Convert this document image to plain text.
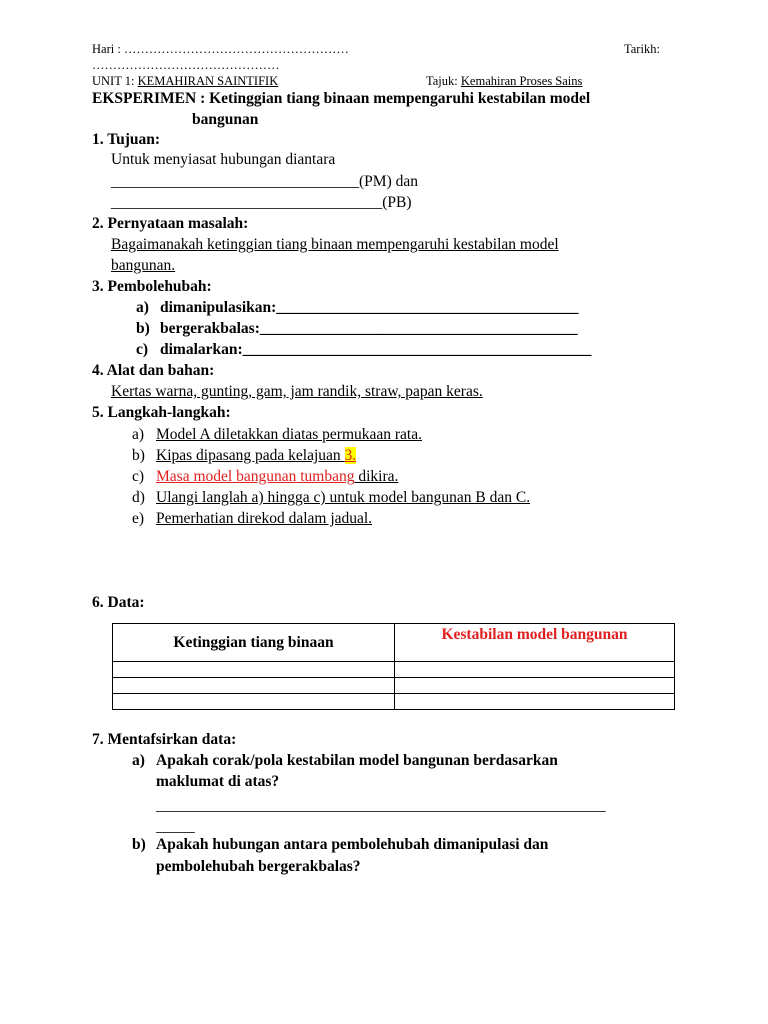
Hari : ………………………………………………	Tarikh:
………………………………………
UNIT 1: KEMAHIRAN SAINTIFIK	Tajuk: Kemahiran Proses Sains
EKSPERIMEN : Ketinggian tiang binaan mempengaruhi kestabilan model
bangunan
1. Tujuan:
Untuk menyiasat hubungan diantara
________________________________(PM) dan
___________________________________(PB)
2. Pernyataan masalah:
Bagaimanakah ketinggian tiang binaan mempengaruhi kestabilan model
bangunan.
3. Pembolehubah:
a) dimanipulasikan:_______________________________________
b) bergerakbalas:_________________________________________
c) dimalarkan:_____________________________________________
4. Alat dan bahan:
Kertas warna, gunting, gam, jam randik, straw, papan keras.
5. Langkah-langkah:
a) Model A diletakkan diatas permukaan rata.
b) Kipas dipasang pada kelajuan 3.
c) Masa model bangunan tumbang dikira.
d) Ulangi langlah a) hingga c) untuk model bangunan B dan C.
e) Pemerhatian direkod dalam jadual.
6. Data:
Ketinggian tiang binaan	Kestabilan model bangunan

7. Mentafsirkan data:
a) Apakah corak/pola kestabilan model bangunan berdasarkan
maklumat di atas?
__________________________________________________________
_____
b) Apakah hubungan antara pembolehubah dimanipulasi dan
pembolehubah bergerakbalas?
